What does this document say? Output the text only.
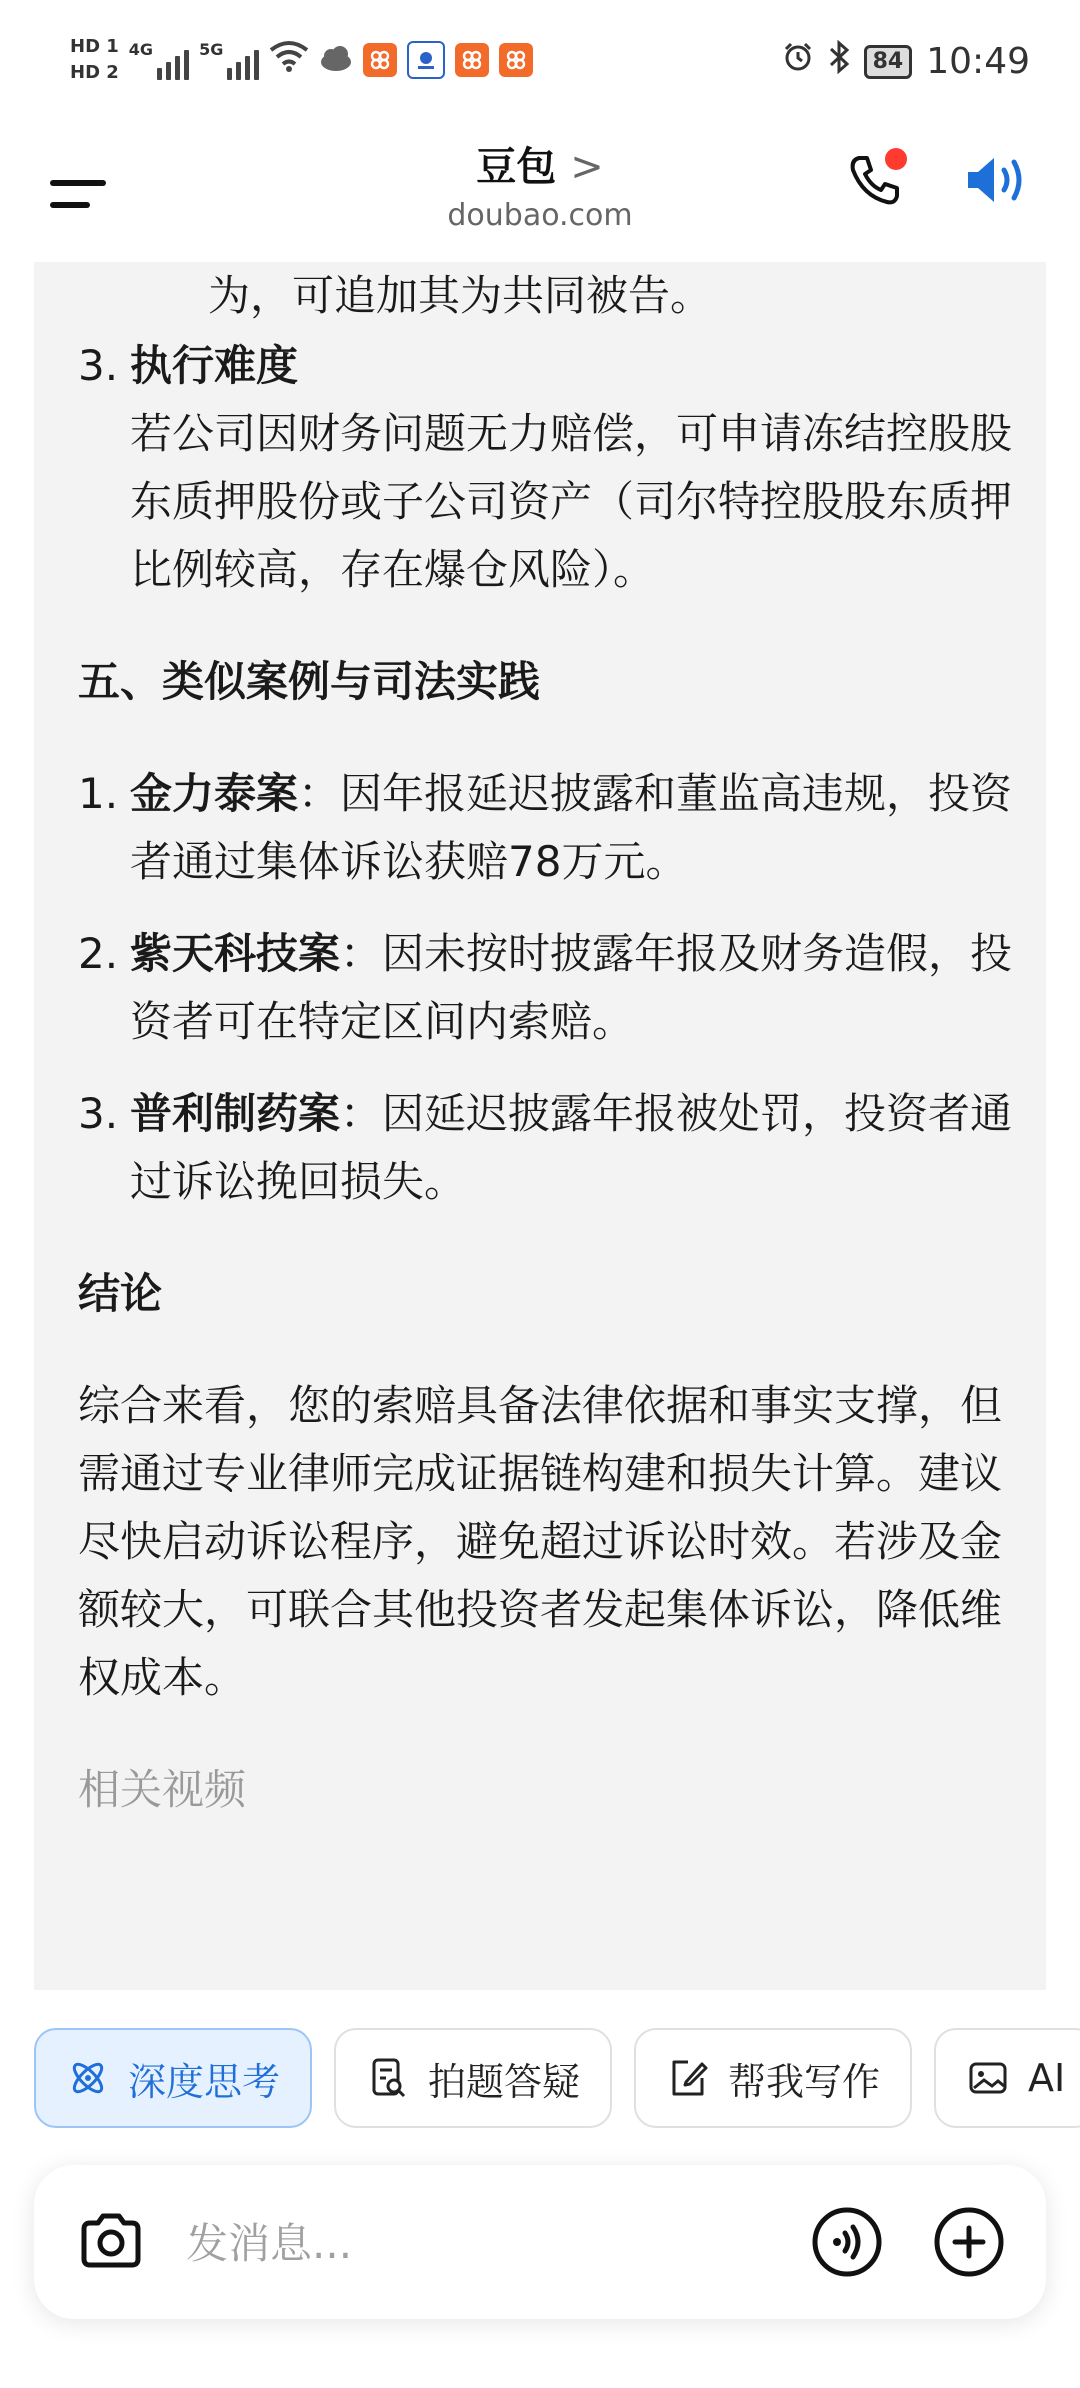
HD 1
HD 2
4G	5G	84 10:49
豆包 >
doubao.com

为，可追加其为共同被告。

3. 执行难度
若公司因财务问题无力赔偿，可申请冻结控股股东质押股份或子公司资产（司尔特控股股东质押比例较高，存在爆仓风险）。
五、类似案例与司法实践
1. 金力泰案：因年报延迟披露和董监高违规，投资者通过集体诉讼获赔78万元。
2. 紫天科技案：因未按时披露年报及财务造假，投资者可在特定区间内索赔。
3. 普利制药案：因延迟披露年报被处罚，投资者通过诉讼挽回损失。
结论

综合来看，您的索赔具备法律依据和事实支撑，但需通过专业律师完成证据链构建和损失计算。建议尽快启动诉讼程序，避免超过诉讼时效。若涉及金额较大，可联合其他投资者发起集体诉讼，降低维权成本。

相关视频

深度思考	拍题答疑	帮我写作	AI
发消息...
